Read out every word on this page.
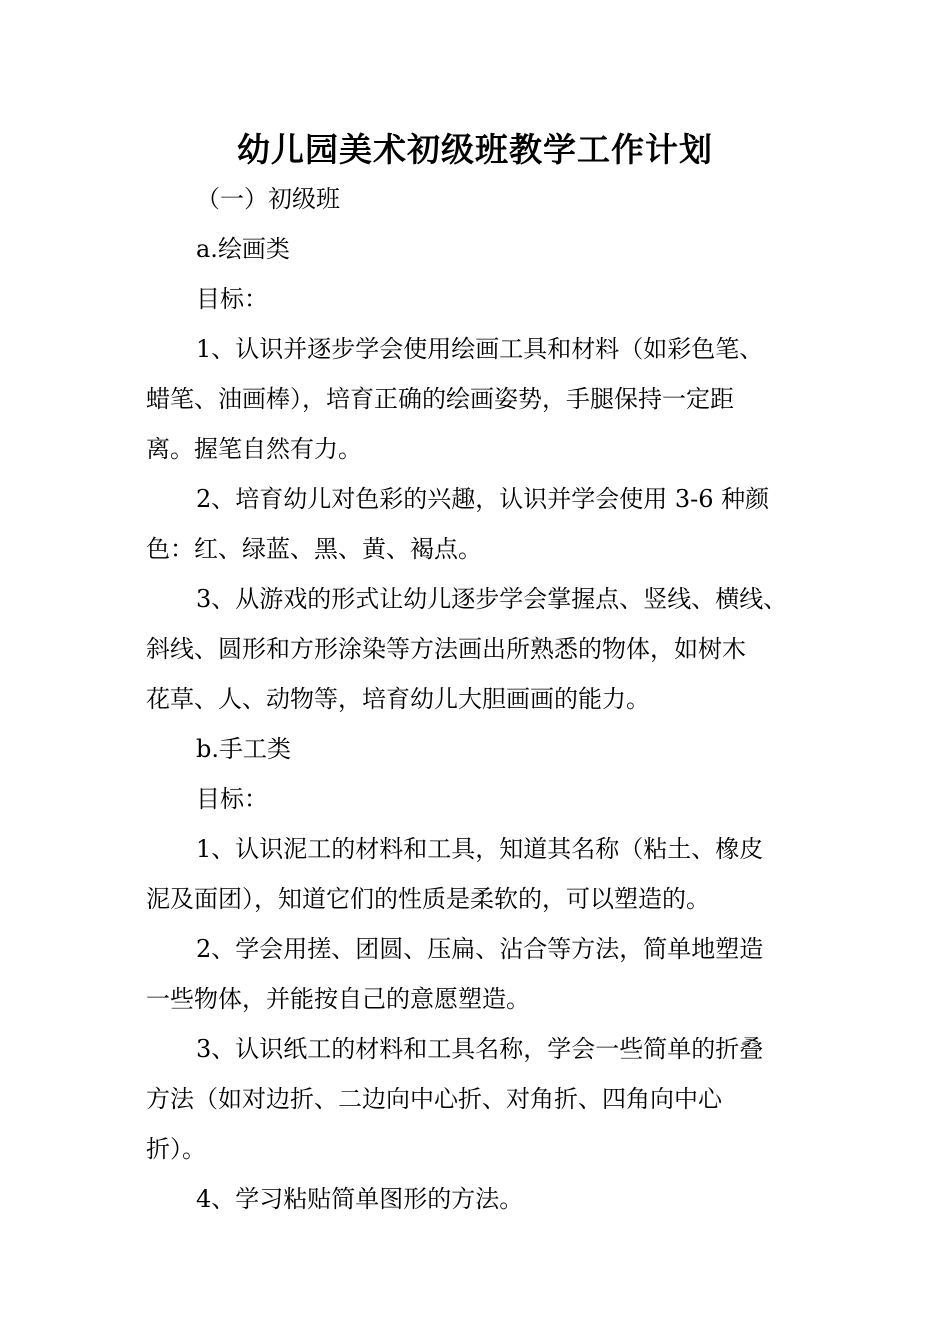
幼儿园美术初级班教学工作计划

（一）初级班

a.绘画类

目标：

1、认识并逐步学会使用绘画工具和材料（如彩色笔、

蜡笔、油画棒），培育正确的绘画姿势，手腿保持一定距

离。握笔自然有力。

2、培育幼儿对色彩的兴趣，认识并学会使用 3-6 种颜

色：红、绿蓝、黑、黄、褐点。

3、从游戏的形式让幼儿逐步学会掌握点、竖线、横线、

斜线、圆形和方形涂染等方法画出所熟悉的物体，如树木

花草、人、动物等，培育幼儿大胆画画的能力。

b.手工类

目标：

1、认识泥工的材料和工具，知道其名称（粘土、橡皮

泥及面团），知道它们的性质是柔软的，可以塑造的。

2、学会用搓、团圆、压扁、沾合等方法，简单地塑造

一些物体，并能按自己的意愿塑造。

3、认识纸工的材料和工具名称，学会一些简单的折叠

方法（如对边折、二边向中心折、对角折、四角向中心

折）。

4、学习粘贴简单图形的方法。
